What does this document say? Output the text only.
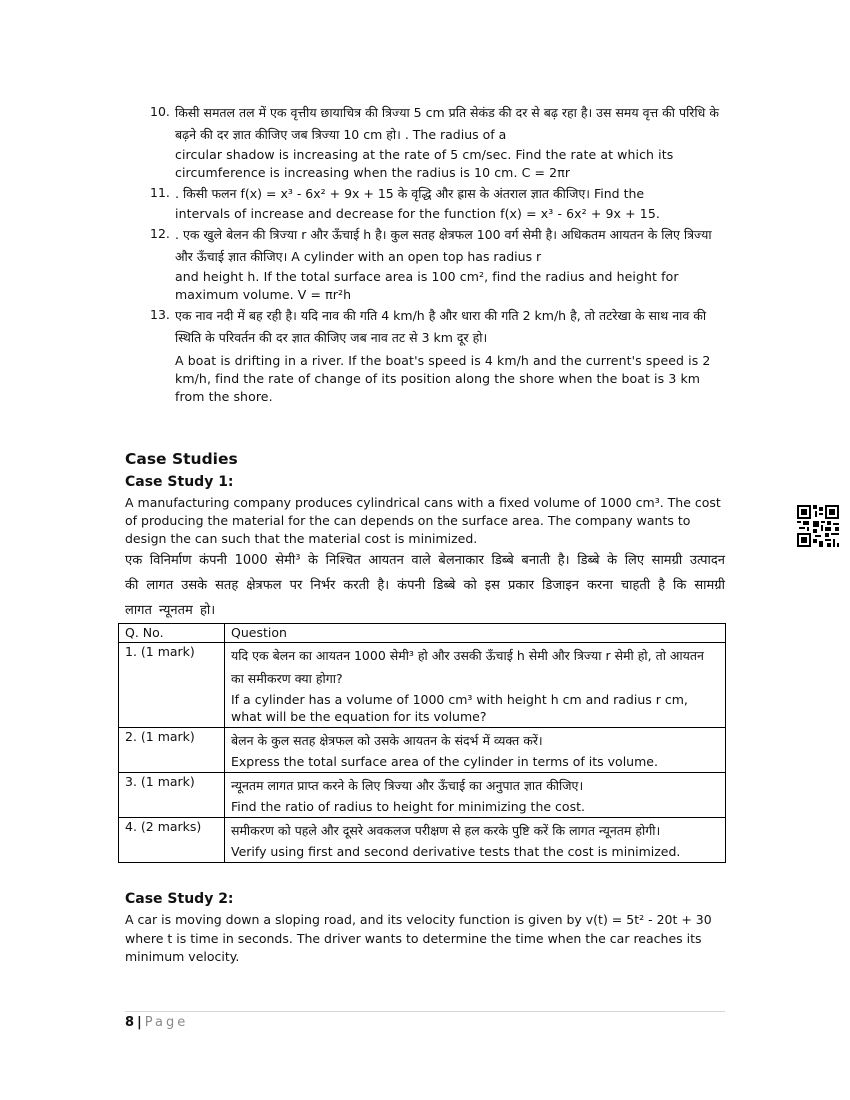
10. किसी समतल तल में एक वृत्तीय छायाचित्र की त्रिज्या 5 cm प्रति सेकंड की दर से बढ़ रहा है। उस समय वृत्त की परिधि के बढ़ने की दर ज्ञात कीजिए जब त्रिज्या 10 cm हो। . The radius of a
circular shadow is increasing at the rate of 5 cm/sec. Find the rate at which its circumference is increasing when the radius is 10 cm. C = 2πr
11. . किसी फलन f(x) = x³ - 6x² + 9x + 15 के वृद्धि और ह्रास के अंतराल ज्ञात कीजिए। Find the
intervals of increase and decrease for the function f(x) = x³ - 6x² + 9x + 15.
12. . एक खुले बेलन की त्रिज्या r और ऊँचाई h है। कुल सतह क्षेत्रफल 100 वर्ग सेमी है। अधिकतम आयतन के लिए त्रिज्या और ऊँचाई ज्ञात कीजिए। A cylinder with an open top has radius r
and height h. If the total surface area is 100 cm², find the radius and height for maximum volume. V = πr²h
13. एक नाव नदी में बह रही है। यदि नाव की गति 4 km/h है और धारा की गति 2 km/h है, तो तटरेखा के साथ नाव की स्थिति के परिवर्तन की दर ज्ञात कीजिए जब नाव तट से 3 km दूर हो।
A boat is drifting in a river. If the boat's speed is 4 km/h and the current's speed is 2 km/h, find the rate of change of its position along the shore when the boat is 3 km from the shore.
Case Studies
Case Study 1:
A manufacturing company produces cylindrical cans with a fixed volume of 1000 cm³. The cost of producing the material for the can depends on the surface area. The company wants to design the can such that the material cost is minimized.
एक विनिर्माण कंपनी 1000 सेमी³ के निश्चित आयतन वाले बेलनाकार डिब्बे बनाती है। डिब्बे के लिए सामग्री उत्पादन की लागत उसके सतह क्षेत्रफल पर निर्भर करती है। कंपनी डिब्बे को इस प्रकार डिजाइन करना चाहती है कि सामग्री लागत न्यूनतम हो।
Q. No.	Question
1. (1 mark)	यदि एक बेलन का आयतन 1000 सेमी³ हो और उसकी ऊँचाई h सेमी और त्रिज्या r सेमी हो, तो आयतन का समीकरण क्या होगा?
If a cylinder has a volume of 1000 cm³ with height h cm and radius r cm, what will be the equation for its volume?

2. (1 mark)	बेलन के कुल सतह क्षेत्रफल को उसके आयतन के संदर्भ में व्यक्त करें।
Express the total surface area of the cylinder in terms of its volume.

3. (1 mark)	न्यूनतम लागत प्राप्त करने के लिए त्रिज्या और ऊँचाई का अनुपात ज्ञात कीजिए।
Find the ratio of radius to height for minimizing the cost.

4. (2 marks)	समीकरण को पहले और दूसरे अवकलज परीक्षण से हल करके पुष्टि करें कि लागत न्यूनतम होगी।
Verify using first and second derivative tests that the cost is minimized.
Case Study 2:
A car is moving down a sloping road, and its velocity function is given by v(t) = 5t² - 20t + 30 where t is time in seconds. The driver wants to determine the time when the car reaches its minimum velocity.
8 | Page
